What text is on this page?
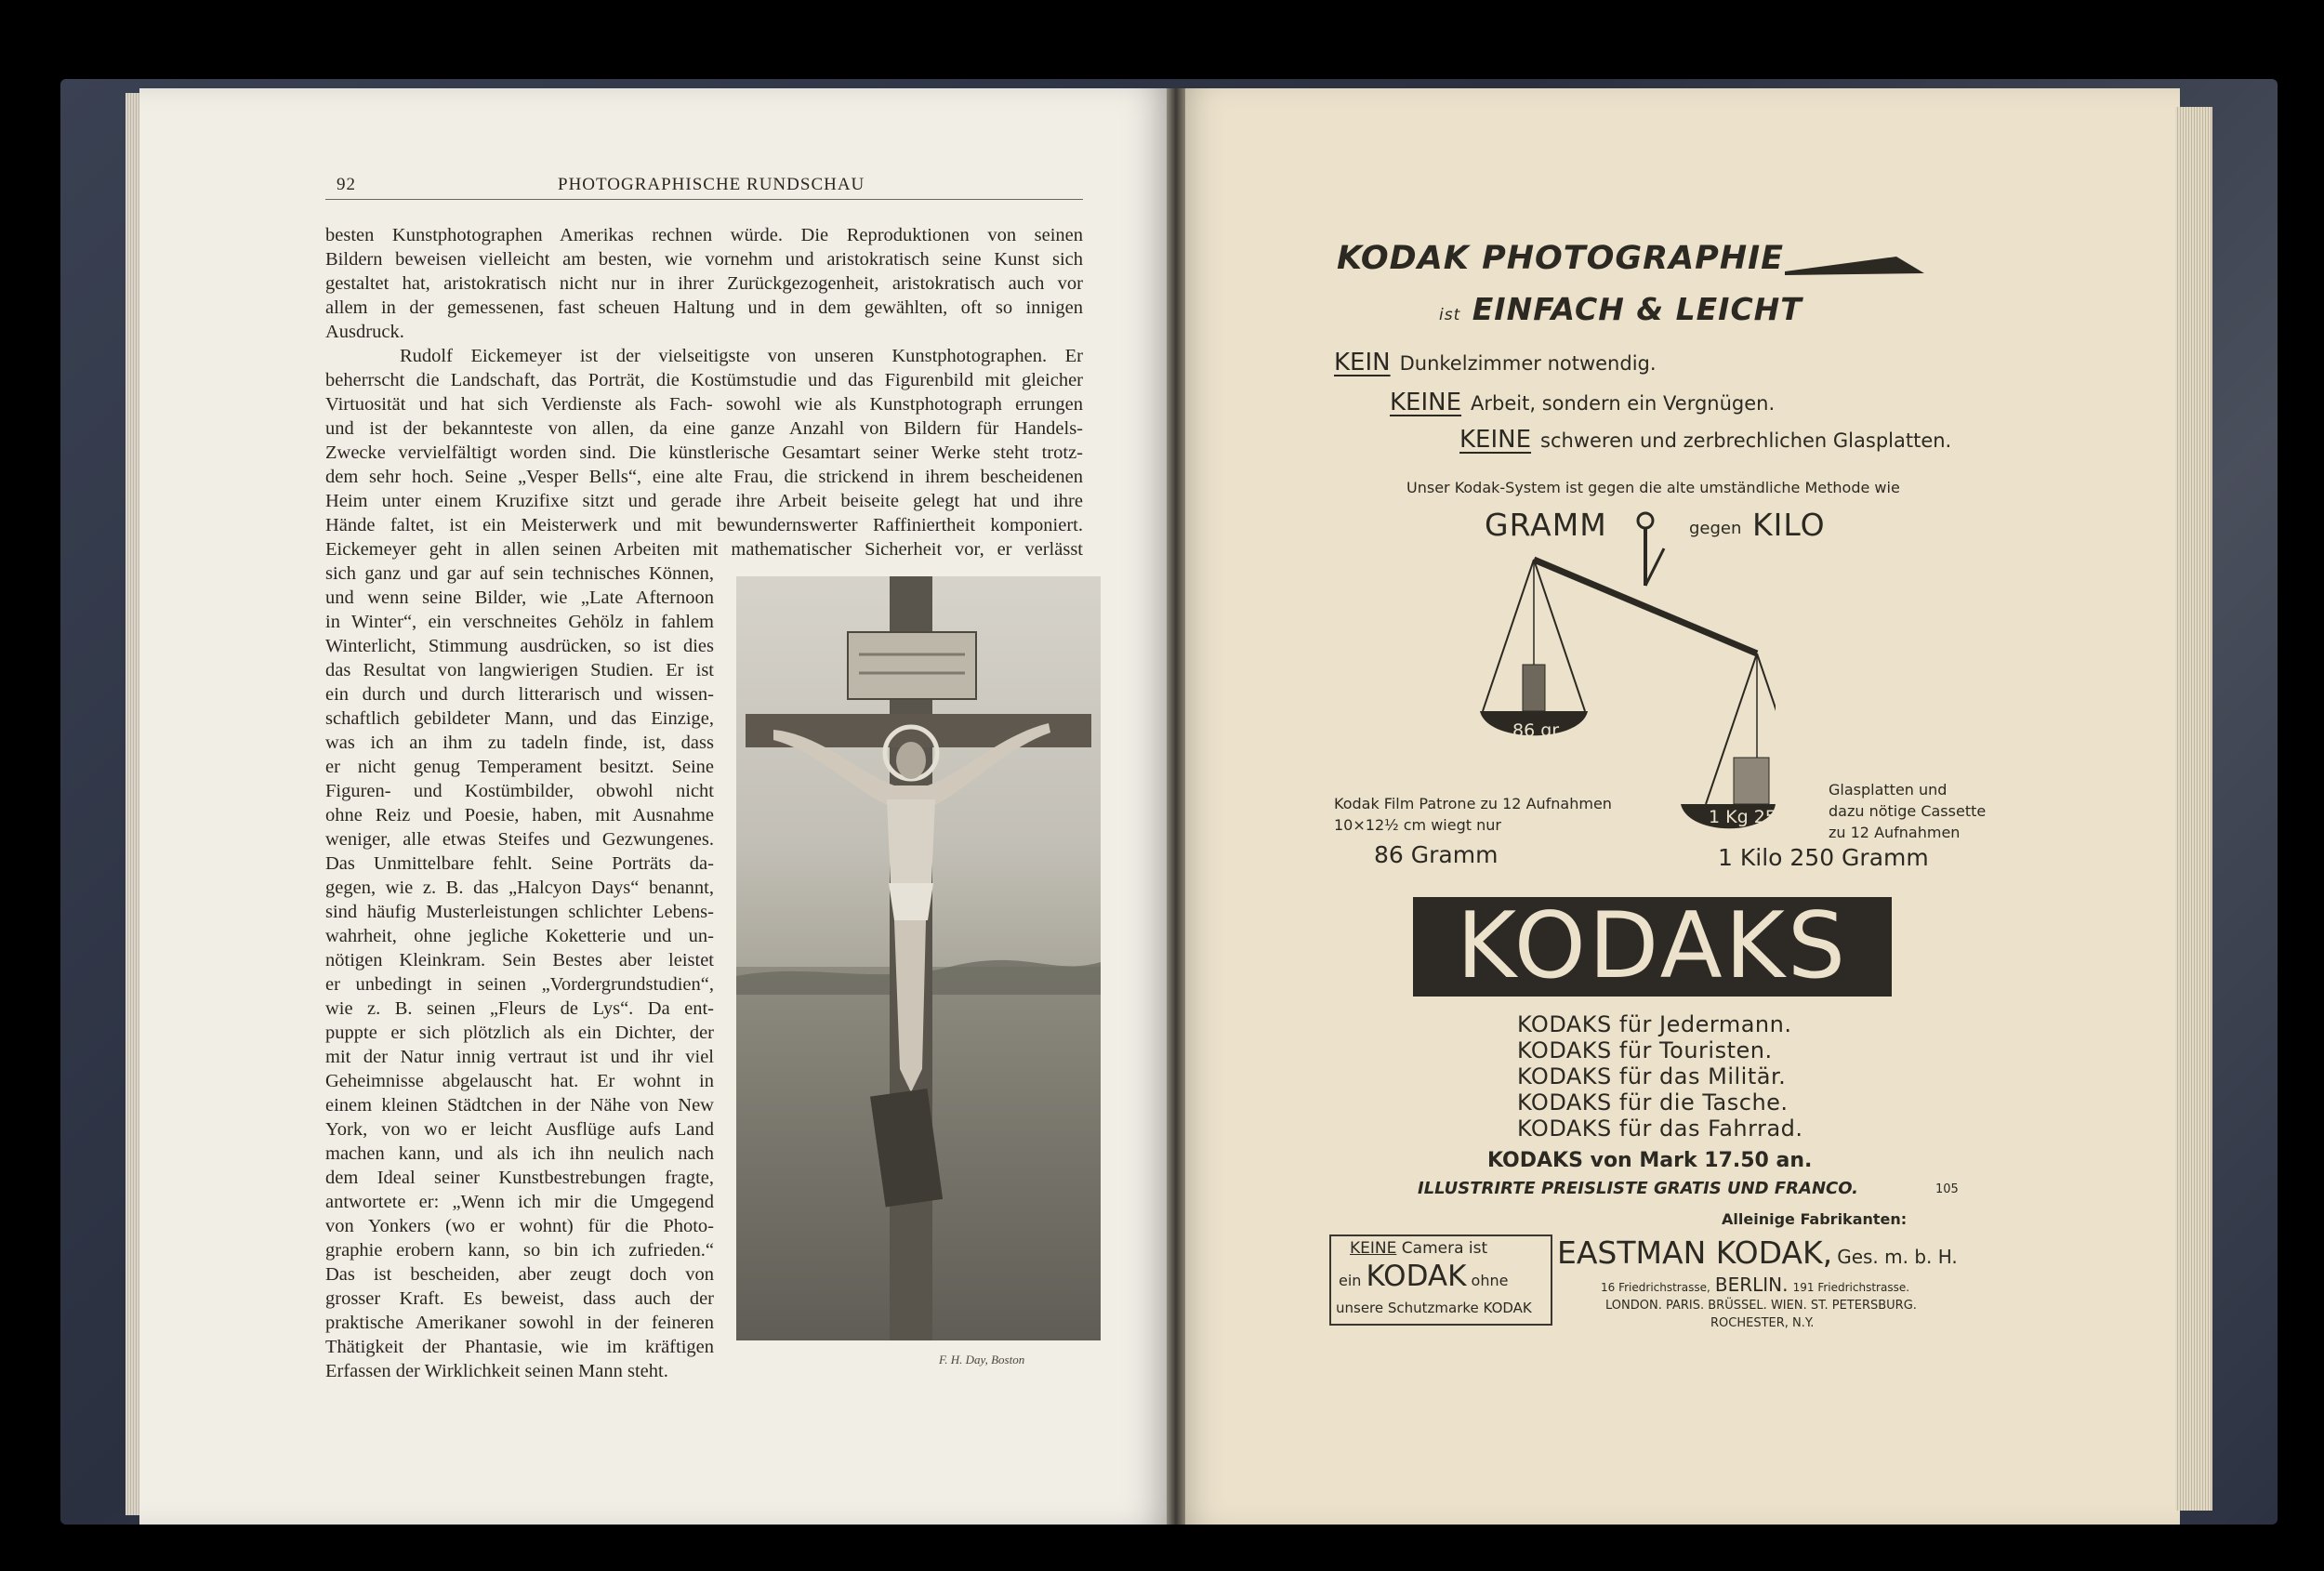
92	PHOTOGRAPHISCHE RUNDSCHAU
besten Kunstphotographen Amerikas rechnen würde. Die Reproduktionen von seinen
Bildern beweisen vielleicht am besten, wie vornehm und aristokratisch seine Kunst sich
gestaltet hat, aristokratisch nicht nur in ihrer Zurückgezogenheit, aristokratisch auch vor
allem in der gemessenen, fast scheuen Haltung und in dem gewählten, oft so innigen
Ausdruck.
Rudolf Eickemeyer ist der vielseitigste von unseren Kunstphotographen. Er
beherrscht die Landschaft, das Porträt, die Kostümstudie und das Figurenbild mit gleicher
Virtuosität und hat sich Verdienste als Fach- sowohl wie als Kunstphotograph errungen
und ist der bekannteste von allen, da eine ganze Anzahl von Bildern für Handels-
Zwecke vervielfältigt worden sind. Die künstlerische Gesamtart seiner Werke steht trotz-
dem sehr hoch. Seine „Vesper Bells“, eine alte Frau, die strickend in ihrem bescheidenen
Heim unter einem Kruzifixe sitzt und gerade ihre Arbeit beiseite gelegt hat und ihre
Hände faltet, ist ein Meisterwerk und mit bewundernswerter Raffiniertheit komponiert.
Eickemeyer geht in allen seinen Arbeiten mit mathematischer Sicherheit vor, er verlässt
sich ganz und gar auf sein technisches Können,
und wenn seine Bilder, wie „Late Afternoon
in Winter“, ein verschneites Gehölz in fahlem
Winterlicht, Stimmung ausdrücken, so ist dies
das Resultat von langwierigen Studien. Er ist
ein durch und durch litterarisch und wissen-
schaftlich gebildeter Mann, und das Einzige,
was ich an ihm zu tadeln finde, ist, dass
er nicht genug Temperament besitzt. Seine
Figuren- und Kostümbilder, obwohl nicht
ohne Reiz und Poesie, haben, mit Ausnahme
weniger, alle etwas Steifes und Gezwungenes.
Das Unmittelbare fehlt. Seine Porträts da-
gegen, wie z. B. das „Halcyon Days“ benannt,
sind häufig Musterleistungen schlichter Lebens-
wahrheit, ohne jegliche Koketterie und un-
nötigen Kleinkram. Sein Bestes aber leistet
er unbedingt in seinen „Vordergrundstudien“,
wie z. B. seinen „Fleurs de Lys“. Da ent-
puppte er sich plötzlich als ein Dichter, der
mit der Natur innig vertraut ist und ihr viel
Geheimnisse abgelauscht hat. Er wohnt in
einem kleinen Städtchen in der Nähe von New
York, von wo er leicht Ausflüge aufs Land
machen kann, und als ich ihn neulich nach
dem Ideal seiner Kunstbestrebungen fragte,
antwortete er: „Wenn ich mir die Umgegend
von Yonkers (wo er wohnt) für die Photo-
graphie erobern kann, so bin ich zufrieden.“
Das ist bescheiden, aber zeugt doch von
grosser Kraft. Es beweist, dass auch der
praktische Amerikaner sowohl in der feineren
Thätigkeit der Phantasie, wie im kräftigen
Erfassen der Wirklichkeit seinen Mann steht.
F. H. Day, Boston
KODAK PHOTOGRAPHIE
ist EINFACH & LEICHT
KEIN Dunkelzimmer notwendig.
KEINE Arbeit, sondern ein Vergnügen.
KEINE schweren und zerbrechlichen Glasplatten.
Unser Kodak-System ist gegen die alte umständliche Methode wie
GRAMM	gegen KILO
86 gr.
1 Kg 250 g
Kodak Film Patrone zu 12 Aufnahmen
10×12½ cm wiegt nur
86 Gramm
Glasplatten und
dazu nötige Cassette
zu 12 Aufnahmen
1 Kilo 250 Gramm
KODAKS
KODAKS für Jedermann.
KODAKS für Touristen.
KODAKS für das Militär.
KODAKS für die Tasche.
KODAKS für das Fahrrad.
KODAKS von Mark 17.50 an.
ILLUSTRIRTE PREISLISTE GRATIS UND FRANCO.	105
KEINE Camera ist
ein KODAK ohne
unsere Schutzmarke KODAK
Alleinige Fabrikanten:
EASTMAN KODAK, Ges. m. b. H.
16 Friedrichstrasse, BERLIN. 191 Friedrichstrasse.
LONDON. PARIS. BRÜSSEL. WIEN. ST. PETERSBURG.
ROCHESTER, N.Y.
